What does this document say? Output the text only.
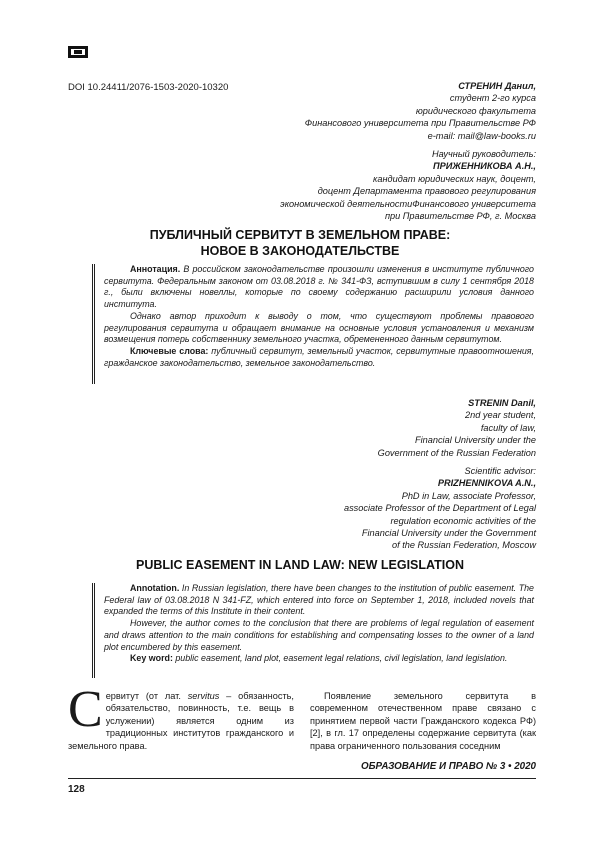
DOI 10.24411/2076-1503-2020-10320	СТРЕНИН Данил,
студент 2-го курса
юридического факультета
Финансового университета при Правительстве РФ
e-mail: mail@law-books.ru
Научный руководитель:
ПРИЖЕННИКОВА А.Н.,
кандидат юридических наук, доцент,
доцент Департамента правового регулирования
экономической деятельностиФинансового университета
при Правительстве РФ, г. Москва
ПУБЛИЧНЫЙ СЕРВИТУТ В ЗЕМЕЛЬНОМ ПРАВЕ:
НОВОЕ В ЗАКОНОДАТЕЛЬСТВЕ

Аннотация. В российском законодательстве произошли изменения в институте публичного сервитута. Федеральным законом от 03.08.2018 г. № 341-ФЗ, вступившим в силу 1 сентября 2018 г., были включены новеллы, которые по своему содержанию расширили условия данного института.

Однако автор приходит к выводу о том, что существуют проблемы правового регулирования сервитута и обращает внимание на основные условия установления и механизм возмещения потерь собственнику земельного участка, обремененного данным сервитутом.

Ключевые слова: публичный сервитут, земельный участок, сервитутные правоотношения, гражданское законодательство, земельное законодательство.

STRENIN Danil,
2nd year student,
faculty of law,
Financial University under the
Government of the Russian Federation
Scientific advisor:
PRIZHENNIKOVA A.N.,
PhD in Law, associate Professor,
associate Professor of the Department of Legal
regulation economic activities of the
Financial University under the Government
of the Russian Federation, Moscow
PUBLIC EASEMENT IN LAND LAW: NEW LEGISLATION

Annotation. In Russian legislation, there have been changes to the institution of public easement. The Federal law of 03.08.2018 N 341-FZ, which entered into force on September 1, 2018, included novels that expanded the terms of this Institute in their content.

However, the author comes to the conclusion that there are problems of legal regulation of easement and draws attention to the main conditions for establishing and compensating losses to the owner of a land plot encumbered by this easement.

Key word: public easement, land plot, easement legal relations, civil legislation, land legislation.

Сервитут (от лат. servitus – обязанность, обязательство, повинность, т.е. вещь в услужении) является одним из традиционных институтов гражданского и земельного права.
Появление земельного сервитута в современном отечественном праве связано с принятием первой части Гражданского кодекса РФ) [2], в гл. 17 определены содержание сервитута (как права ограниченного пользования соседним
ОБРАЗОВАНИЕ И ПРАВО № 3 • 2020
128
